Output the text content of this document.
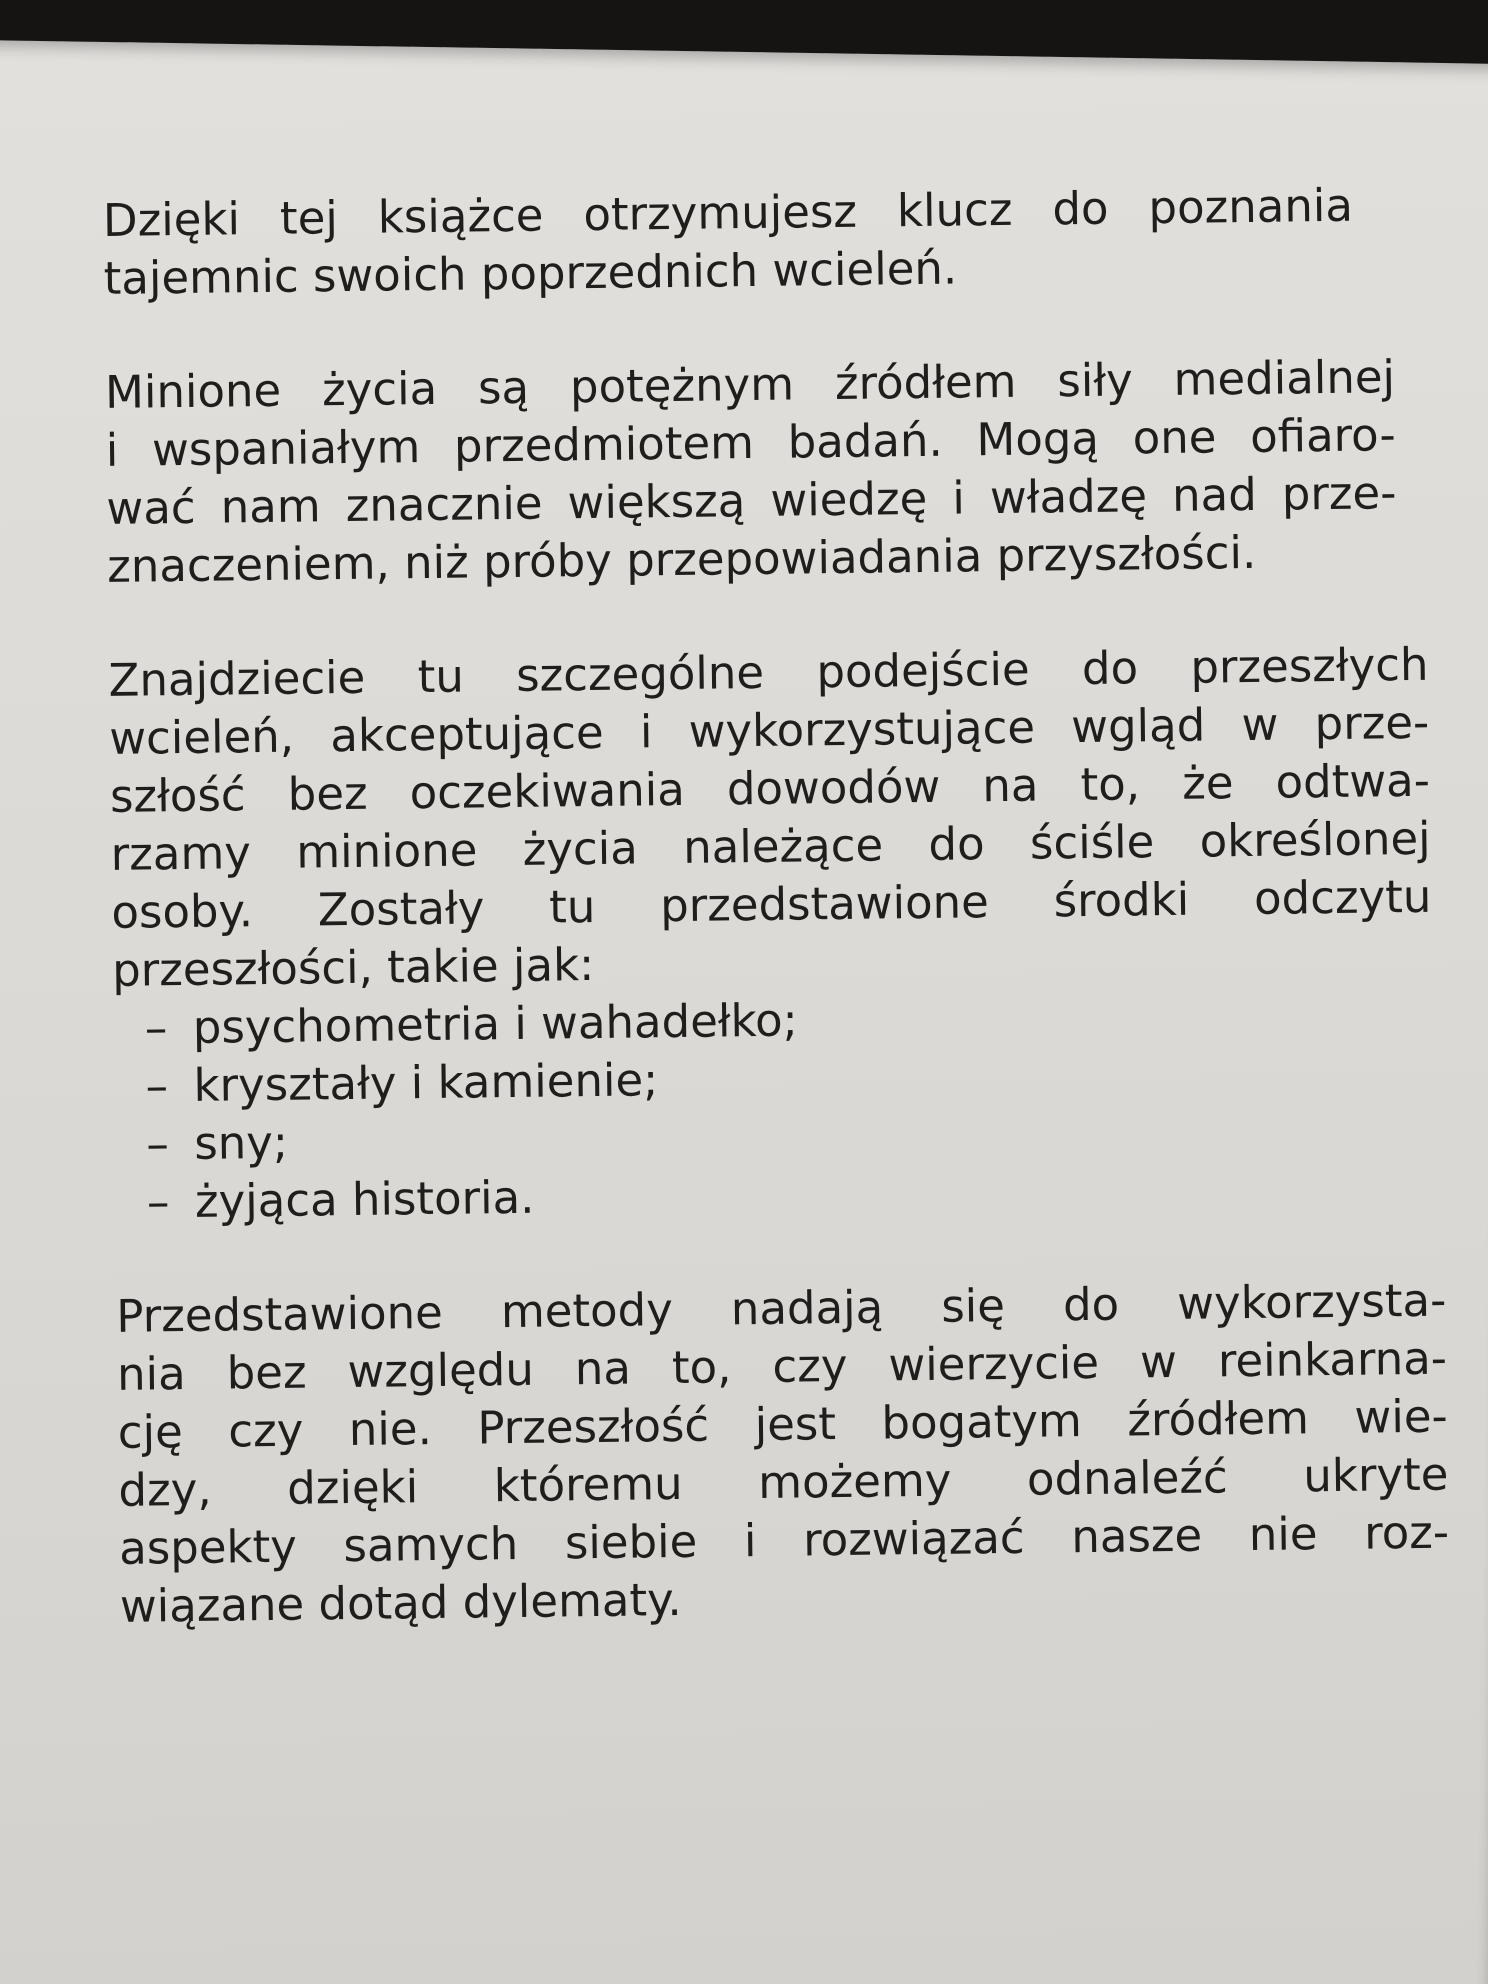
Dzięki tej książce otrzymujesz klucz do poznania
tajemnic swoich poprzednich wcieleń.
Minione życia są potężnym źródłem siły medialnej
i wspaniałym przedmiotem badań. Mogą one ofiaro-
wać nam znacznie większą wiedzę i władzę nad prze-
znaczeniem, niż próby przepowiadania przyszłości.
Znajdziecie tu szczególne podejście do przeszłych
wcieleń, akceptujące i wykorzystujące wgląd w prze-
szłość bez oczekiwania dowodów na to, że odtwa-
rzamy minione życia należące do ściśle określonej
osoby. Zostały tu przedstawione środki odczytu
przeszłości, takie jak:
– psychometria i wahadełko;
– kryształy i kamienie;
– sny;
– żyjąca historia.
Przedstawione metody nadają się do wykorzysta-
nia bez względu na to, czy wierzycie w reinkarna-
cję czy nie. Przeszłość jest bogatym źródłem wie-
dzy, dzięki któremu możemy odnaleźć ukryte
aspekty samych siebie i rozwiązać nasze nie roz-
wiązane dotąd dylematy.
